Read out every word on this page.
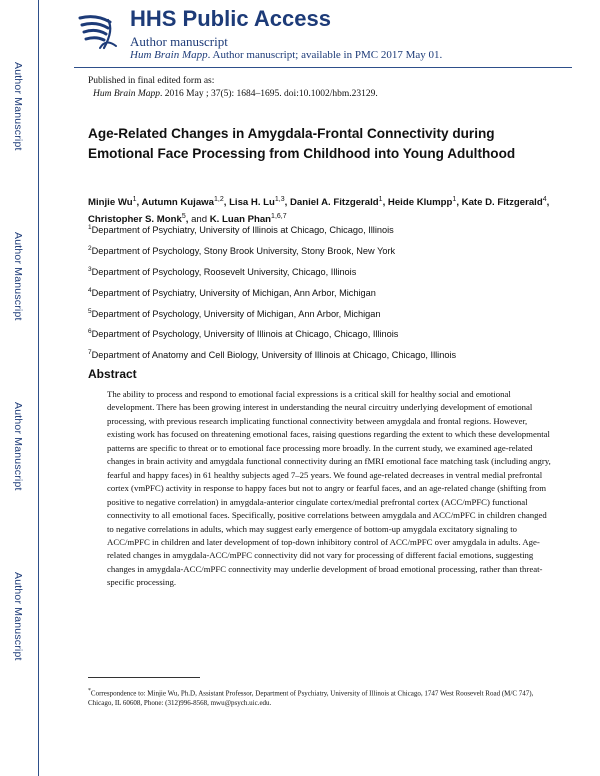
Author Manuscript
Author Manuscript
Author Manuscript
Author Manuscript
HHS Public Access
Author manuscript
Hum Brain Mapp. Author manuscript; available in PMC 2017 May 01.
Published in final edited form as:
Hum Brain Mapp. 2016 May ; 37(5): 1684–1695. doi:10.1002/hbm.23129.
Age-Related Changes in Amygdala-Frontal Connectivity during Emotional Face Processing from Childhood into Young Adulthood
Minjie Wu$^1$, Autumn Kujawa$^{1,2}$, Lisa H. Lu$^{1,3}$, Daniel A. Fitzgerald$^1$, Heide Klumpp$^1$, Kate D. Fitzgerald$^4$, Christopher S. Monk$^5$, and K. Luan Phan$^{1,6,7}$
$^1$Department of Psychiatry, University of Illinois at Chicago, Chicago, Illinois
$^2$Department of Psychology, Stony Brook University, Stony Brook, New York
$^3$Department of Psychology, Roosevelt University, Chicago, Illinois
$^4$Department of Psychiatry, University of Michigan, Ann Arbor, Michigan
$^5$Department of Psychology, University of Michigan, Ann Arbor, Michigan
$^6$Department of Psychology, University of Illinois at Chicago, Chicago, Illinois
$^7$Department of Anatomy and Cell Biology, University of Illinois at Chicago, Chicago, Illinois
Abstract
The ability to process and respond to emotional facial expressions is a critical skill for healthy social and emotional development. There has been growing interest in understanding the neural circuitry underlying development of emotional processing, with previous research implicating functional connectivity between amygdala and frontal regions. However, existing work has focused on threatening emotional faces, raising questions regarding the extent to which these developmental patterns are specific to threat or to emotional face processing more broadly. In the current study, we examined age-related changes in brain activity and amygdala functional connectivity during an fMRI emotional face matching task (including angry, fearful and happy faces) in 61 healthy subjects aged 7–25 years. We found age-related decreases in ventral medial prefrontal cortex (vmPFC) activity in response to happy faces but not to angry or fearful faces, and an age-related change (shifting from positive to negative correlation) in amygdala-anterior cingulate cortex/medial prefrontal cortex (ACC/mPFC) functional connectivity to all emotional faces. Specifically, positive correlations between amygdala and ACC/mPFC in children changed to negative correlations in adults, which may suggest early emergence of bottom-up amygdala excitatory signaling to ACC/mPFC in children and later development of top-down inhibitory control of ACC/mPFC over amygdala in adults. Age-related changes in amygdala-ACC/mPFC connectivity did not vary for processing of different facial emotions, suggesting changes in amygdala-ACC/mPFC connectivity may underlie development of broad emotional processing, rather than threat-specific processing.
*Correspondence to: Minjie Wu, Ph.D, Assistant Professor, Department of Psychiatry, University of Illinois at Chicago, 1747 West Roosevelt Road (M/C 747), Chicago, IL 60608, Phone: (312)996-8568, mwu@psych.uic.edu.
